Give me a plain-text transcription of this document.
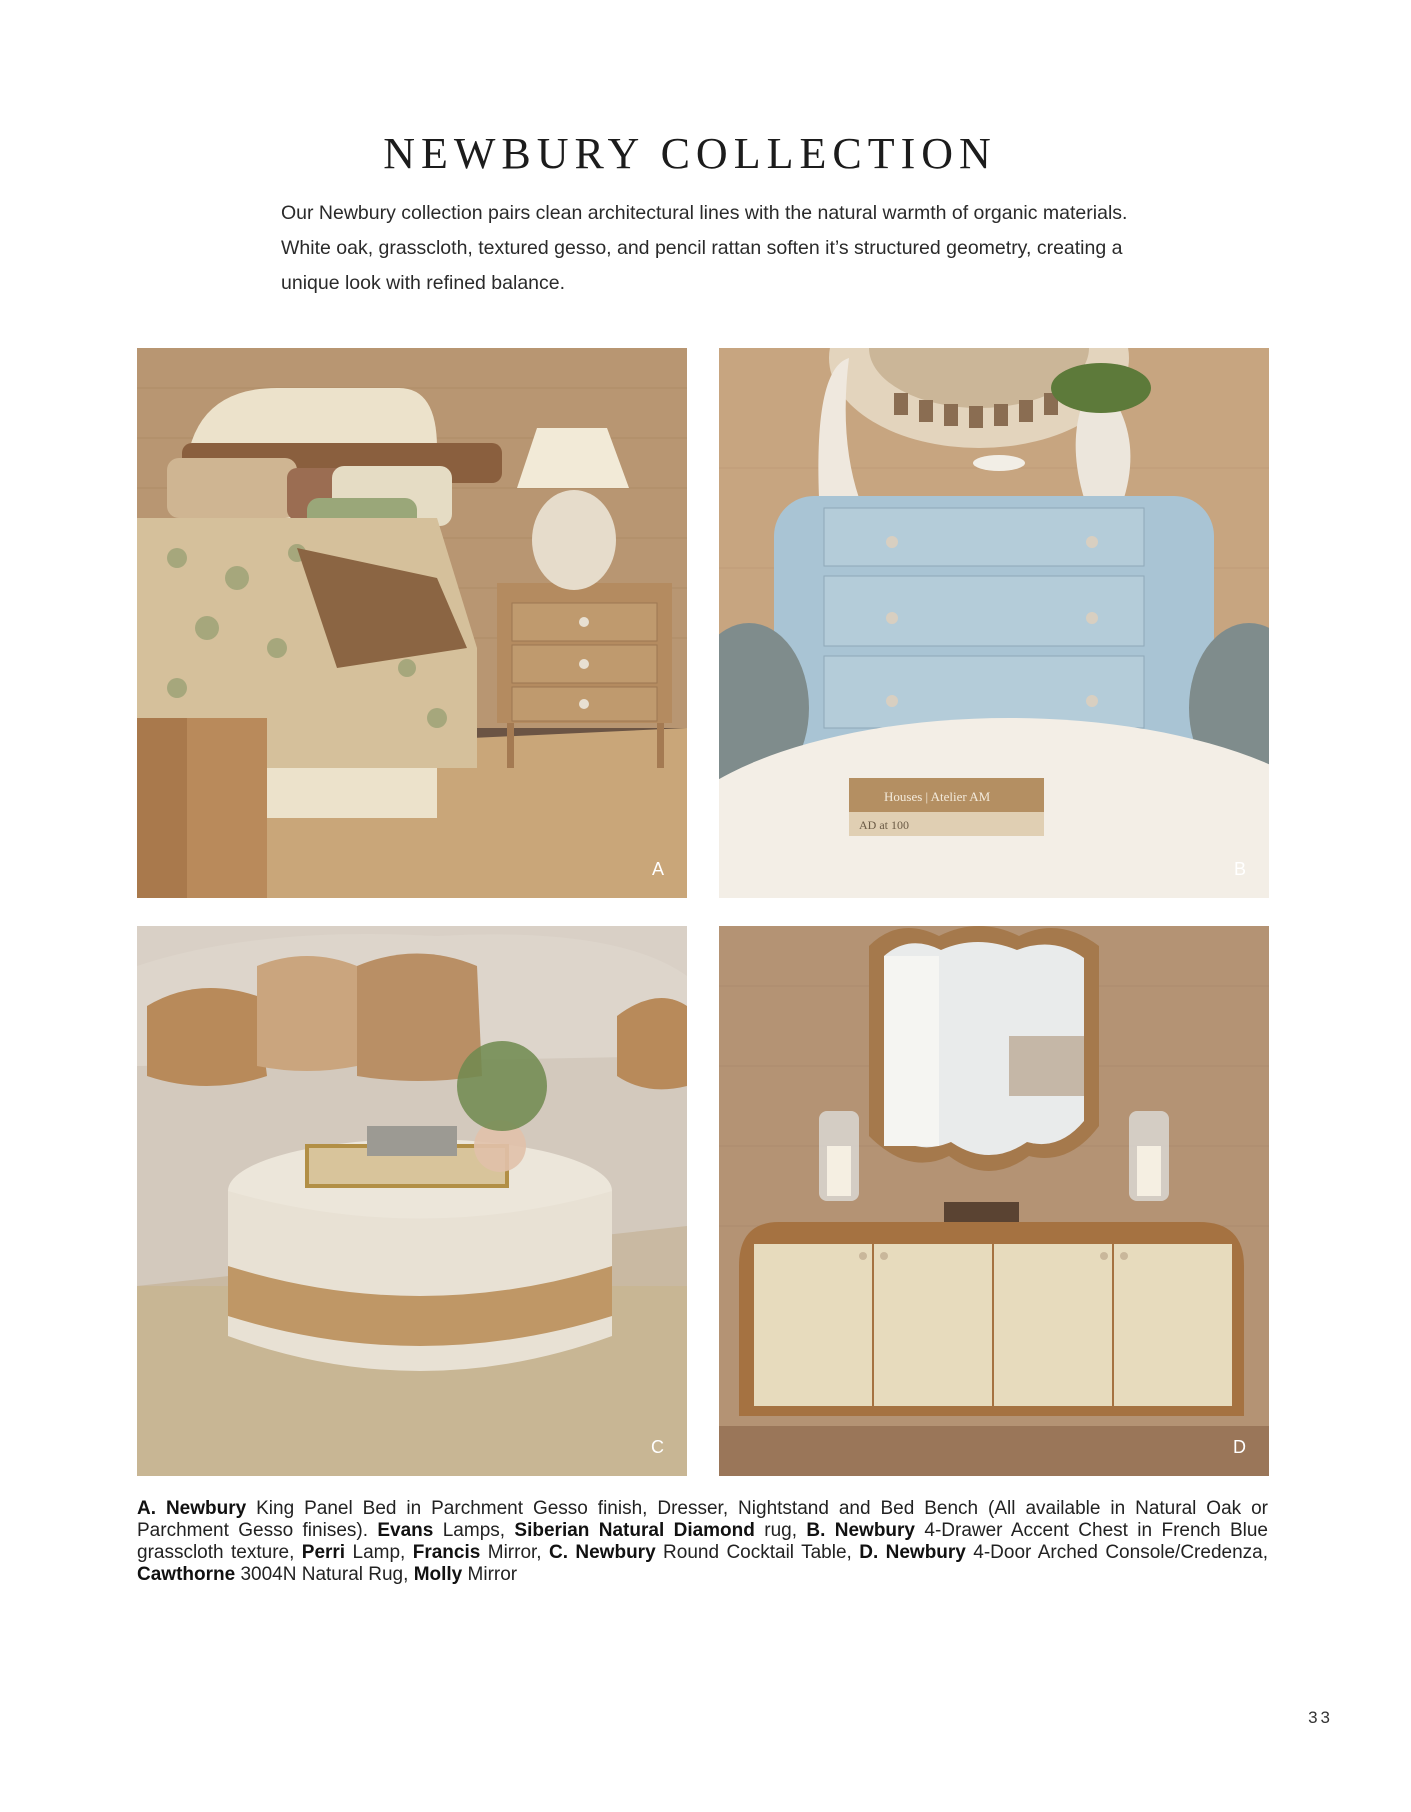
NEWBURY COLLECTION
Our Newbury collection pairs clean architectural lines with the natural warmth of organic materials.
White oak, grasscloth, textured gesso, and pencil rattan soften it’s structured geometry, creating a
unique look with refined balance.
A
Houses | Atelier AM
AD at 100
B
C	D
A. Newbury King Panel Bed in Parchment Gesso finish, Dresser, Nightstand and Bed Bench (All available in Natural Oak or Parchment Gesso finises). Evans Lamps, Siberian Natural Diamond rug, B. Newbury 4-Drawer Accent Chest in French Blue grasscloth texture, Perri Lamp, Francis Mirror, C. Newbury Round Cocktail Table, D. Newbury 4-Door Arched Console/Credenza, Cawthorne 3004N Natural Rug, Molly Mirror
33
